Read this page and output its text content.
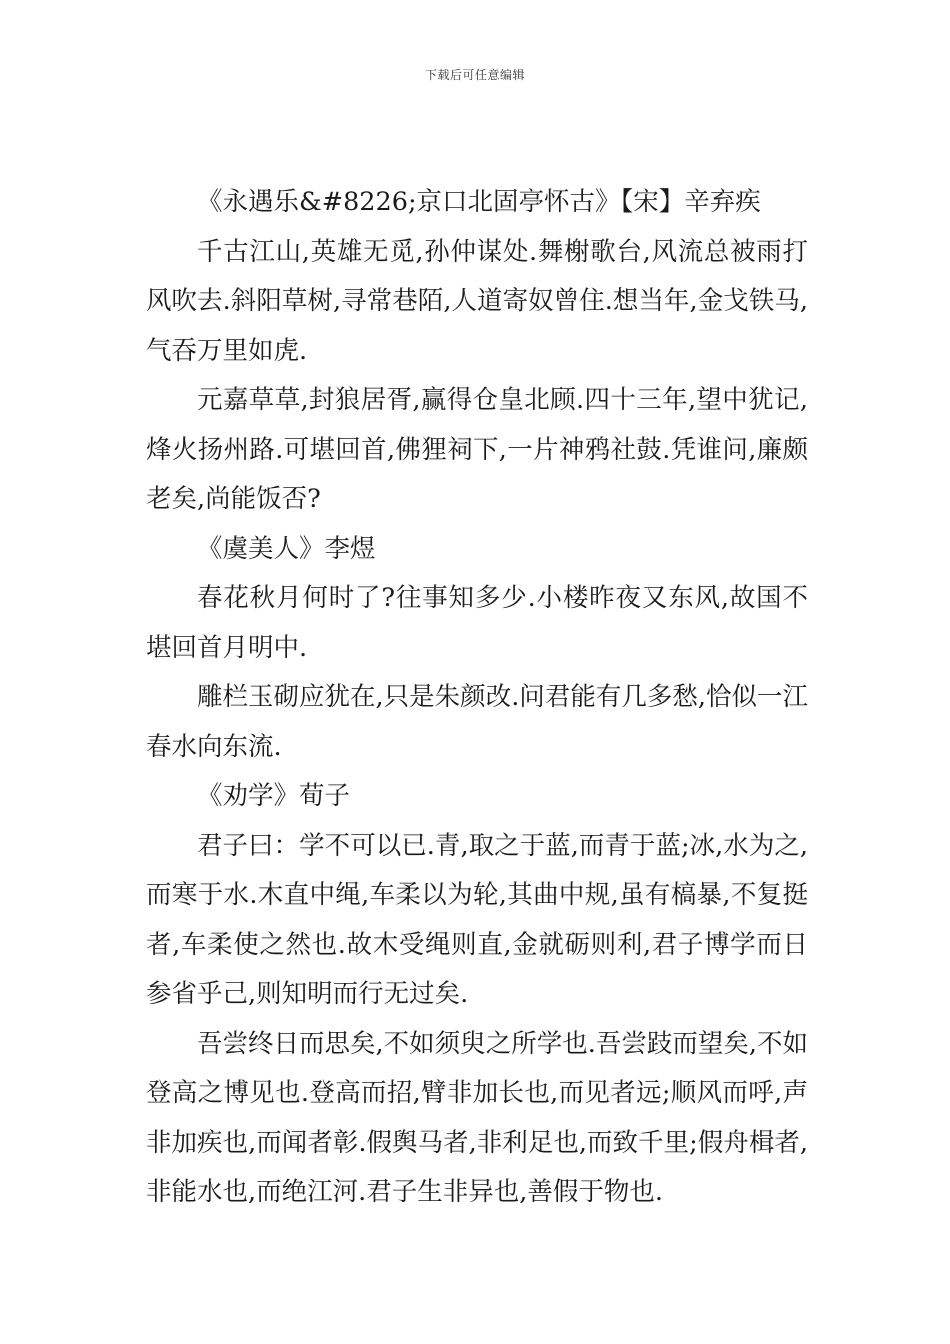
下载后可任意编辑

《永遇乐&#8226;京口北固亭怀古》【宋】辛弃疾

千古江山,英雄无觅,孙仲谋处.舞榭歌台,风流总被雨打风吹去.斜阳草树,寻常巷陌,人道寄奴曾住.想当年,金戈铁马,气吞万里如虎.

元嘉草草,封狼居胥,赢得仓皇北顾.四十三年,望中犹记,烽火扬州路.可堪回首,佛狸祠下,一片神鸦社鼓.凭谁问,廉颇老矣,尚能饭否?

《虞美人》李煜

春花秋月何时了?往事知多少.小楼昨夜又东风,故国不堪回首月明中.

雕栏玉砌应犹在,只是朱颜改.问君能有几多愁,恰似一江春水向东流.

《劝学》荀子

君子曰：学不可以已.青,取之于蓝,而青于蓝;冰,水为之,而寒于水.木直中绳,车柔以为轮,其曲中规,虽有槁暴,不复挺者,车柔使之然也.故木受绳则直,金就砺则利,君子博学而日参省乎己,则知明而行无过矣.

吾尝终日而思矣,不如须臾之所学也.吾尝跂而望矣,不如登高之博见也.登高而招,臂非加长也,而见者远;顺风而呼,声非加疾也,而闻者彰.假舆马者,非利足也,而致千里;假舟楫者,非能水也,而绝江河.君子生非异也,善假于物也.
